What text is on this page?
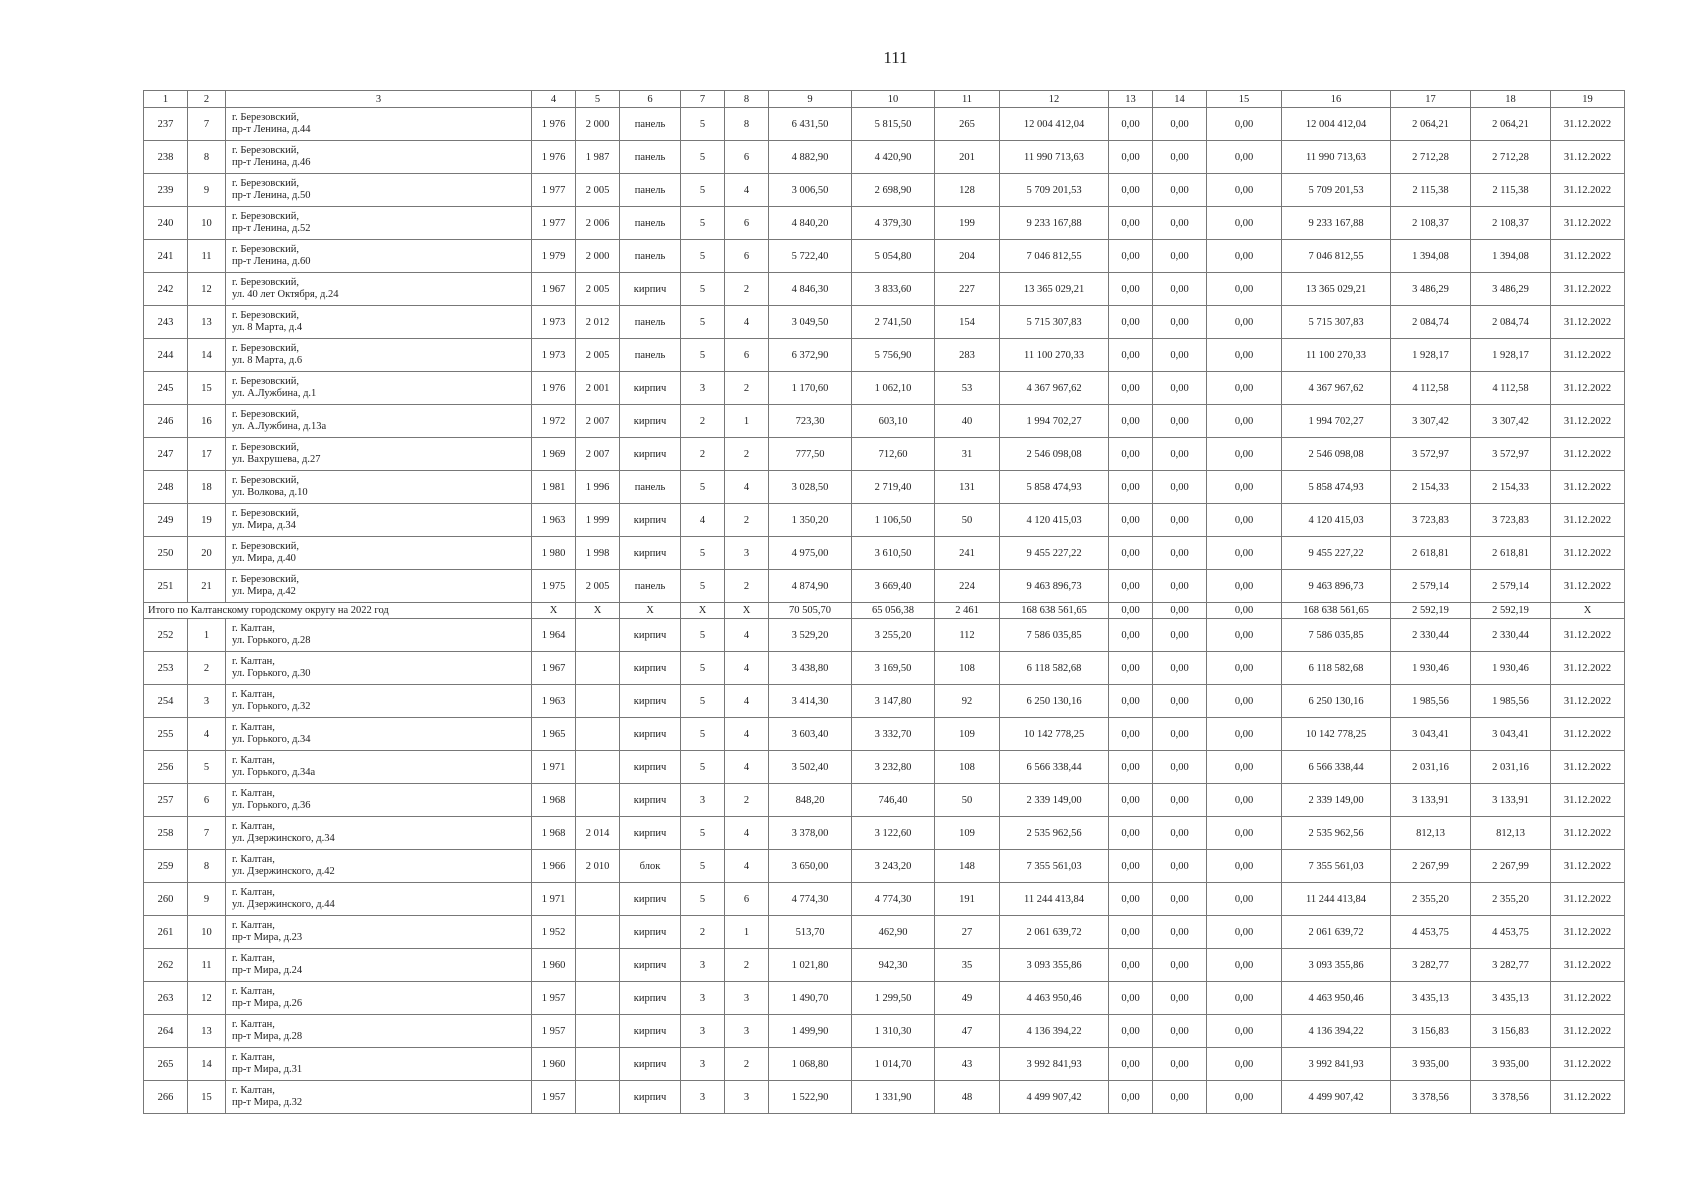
111
1	2	3	4	5	6	7	8	9	10	11	12	13	14	15	16	17	18	19
237	7	г. Березовский,
пр-т Ленина, д.44	1 976	2 000	панель	5	8	6 431,50	5 815,50	265	12 004 412,04	0,00	0,00	0,00	12 004 412,04	2 064,21	2 064,21	31.12.2022
238	8	г. Березовский,
пр-т Ленина, д.46	1 976	1 987	панель	5	6	4 882,90	4 420,90	201	11 990 713,63	0,00	0,00	0,00	11 990 713,63	2 712,28	2 712,28	31.12.2022
239	9	г. Березовский,
пр-т Ленина, д.50	1 977	2 005	панель	5	4	3 006,50	2 698,90	128	5 709 201,53	0,00	0,00	0,00	5 709 201,53	2 115,38	2 115,38	31.12.2022
240	10	г. Березовский,
пр-т Ленина, д.52	1 977	2 006	панель	5	6	4 840,20	4 379,30	199	9 233 167,88	0,00	0,00	0,00	9 233 167,88	2 108,37	2 108,37	31.12.2022
241	11	г. Березовский,
пр-т Ленина, д.60	1 979	2 000	панель	5	6	5 722,40	5 054,80	204	7 046 812,55	0,00	0,00	0,00	7 046 812,55	1 394,08	1 394,08	31.12.2022
242	12	г. Березовский,
ул. 40 лет Октября, д.24	1 967	2 005	кирпич	5	2	4 846,30	3 833,60	227	13 365 029,21	0,00	0,00	0,00	13 365 029,21	3 486,29	3 486,29	31.12.2022
243	13	г. Березовский,
ул. 8 Марта, д.4	1 973	2 012	панель	5	4	3 049,50	2 741,50	154	5 715 307,83	0,00	0,00	0,00	5 715 307,83	2 084,74	2 084,74	31.12.2022
244	14	г. Березовский,
ул. 8 Марта, д.6	1 973	2 005	панель	5	6	6 372,90	5 756,90	283	11 100 270,33	0,00	0,00	0,00	11 100 270,33	1 928,17	1 928,17	31.12.2022
245	15	г. Березовский,
ул. А.Лужбина, д.1	1 976	2 001	кирпич	3	2	1 170,60	1 062,10	53	4 367 967,62	0,00	0,00	0,00	4 367 967,62	4 112,58	4 112,58	31.12.2022
246	16	г. Березовский,
ул. А.Лужбина, д.13а	1 972	2 007	кирпич	2	1	723,30	603,10	40	1 994 702,27	0,00	0,00	0,00	1 994 702,27	3 307,42	3 307,42	31.12.2022
247	17	г. Березовский,
ул. Вахрушева, д.27	1 969	2 007	кирпич	2	2	777,50	712,60	31	2 546 098,08	0,00	0,00	0,00	2 546 098,08	3 572,97	3 572,97	31.12.2022
248	18	г. Березовский,
ул. Волкова, д.10	1 981	1 996	панель	5	4	3 028,50	2 719,40	131	5 858 474,93	0,00	0,00	0,00	5 858 474,93	2 154,33	2 154,33	31.12.2022
249	19	г. Березовский,
ул. Мира, д.34	1 963	1 999	кирпич	4	2	1 350,20	1 106,50	50	4 120 415,03	0,00	0,00	0,00	4 120 415,03	3 723,83	3 723,83	31.12.2022
250	20	г. Березовский,
ул. Мира, д.40	1 980	1 998	кирпич	5	3	4 975,00	3 610,50	241	9 455 227,22	0,00	0,00	0,00	9 455 227,22	2 618,81	2 618,81	31.12.2022
251	21	г. Березовский,
ул. Мира, д.42	1 975	2 005	панель	5	2	4 874,90	3 669,40	224	9 463 896,73	0,00	0,00	0,00	9 463 896,73	2 579,14	2 579,14	31.12.2022
Итого по Калтанскому городскому округу на 2022 год			X	X	X	X	X	70 505,70	65 056,38	2 461	168 638 561,65	0,00	0,00	0,00	168 638 561,65	2 592,19	2 592,19	X
252	1	г. Калтан,
ул. Горького, д.28	1 964		кирпич	5	4	3 529,20	3 255,20	112	7 586 035,85	0,00	0,00	0,00	7 586 035,85	2 330,44	2 330,44	31.12.2022
253	2	г. Калтан,
ул. Горького, д.30	1 967		кирпич	5	4	3 438,80	3 169,50	108	6 118 582,68	0,00	0,00	0,00	6 118 582,68	1 930,46	1 930,46	31.12.2022
254	3	г. Калтан,
ул. Горького, д.32	1 963		кирпич	5	4	3 414,30	3 147,80	92	6 250 130,16	0,00	0,00	0,00	6 250 130,16	1 985,56	1 985,56	31.12.2022
255	4	г. Калтан,
ул. Горького, д.34	1 965		кирпич	5	4	3 603,40	3 332,70	109	10 142 778,25	0,00	0,00	0,00	10 142 778,25	3 043,41	3 043,41	31.12.2022
256	5	г. Калтан,
ул. Горького, д.34а	1 971		кирпич	5	4	3 502,40	3 232,80	108	6 566 338,44	0,00	0,00	0,00	6 566 338,44	2 031,16	2 031,16	31.12.2022
257	6	г. Калтан,
ул. Горького, д.36	1 968		кирпич	3	2	848,20	746,40	50	2 339 149,00	0,00	0,00	0,00	2 339 149,00	3 133,91	3 133,91	31.12.2022
258	7	г. Калтан,
ул. Дзержинского, д.34	1 968	2 014	кирпич	5	4	3 378,00	3 122,60	109	2 535 962,56	0,00	0,00	0,00	2 535 962,56	812,13	812,13	31.12.2022
259	8	г. Калтан,
ул. Дзержинского, д.42	1 966	2 010	блок	5	4	3 650,00	3 243,20	148	7 355 561,03	0,00	0,00	0,00	7 355 561,03	2 267,99	2 267,99	31.12.2022
260	9	г. Калтан,
ул. Дзержинского, д.44	1 971		кирпич	5	6	4 774,30	4 774,30	191	11 244 413,84	0,00	0,00	0,00	11 244 413,84	2 355,20	2 355,20	31.12.2022
261	10	г. Калтан,
пр-т Мира, д.23	1 952		кирпич	2	1	513,70	462,90	27	2 061 639,72	0,00	0,00	0,00	2 061 639,72	4 453,75	4 453,75	31.12.2022
262	11	г. Калтан,
пр-т Мира, д.24	1 960		кирпич	3	2	1 021,80	942,30	35	3 093 355,86	0,00	0,00	0,00	3 093 355,86	3 282,77	3 282,77	31.12.2022
263	12	г. Калтан,
пр-т Мира, д.26	1 957		кирпич	3	3	1 490,70	1 299,50	49	4 463 950,46	0,00	0,00	0,00	4 463 950,46	3 435,13	3 435,13	31.12.2022
264	13	г. Калтан,
пр-т Мира, д.28	1 957		кирпич	3	3	1 499,90	1 310,30	47	4 136 394,22	0,00	0,00	0,00	4 136 394,22	3 156,83	3 156,83	31.12.2022
265	14	г. Калтан,
пр-т Мира, д.31	1 960		кирпич	3	2	1 068,80	1 014,70	43	3 992 841,93	0,00	0,00	0,00	3 992 841,93	3 935,00	3 935,00	31.12.2022
266	15	г. Калтан,
пр-т Мира, д.32	1 957		кирпич	3	3	1 522,90	1 331,90	48	4 499 907,42	0,00	0,00	0,00	4 499 907,42	3 378,56	3 378,56	31.12.2022
